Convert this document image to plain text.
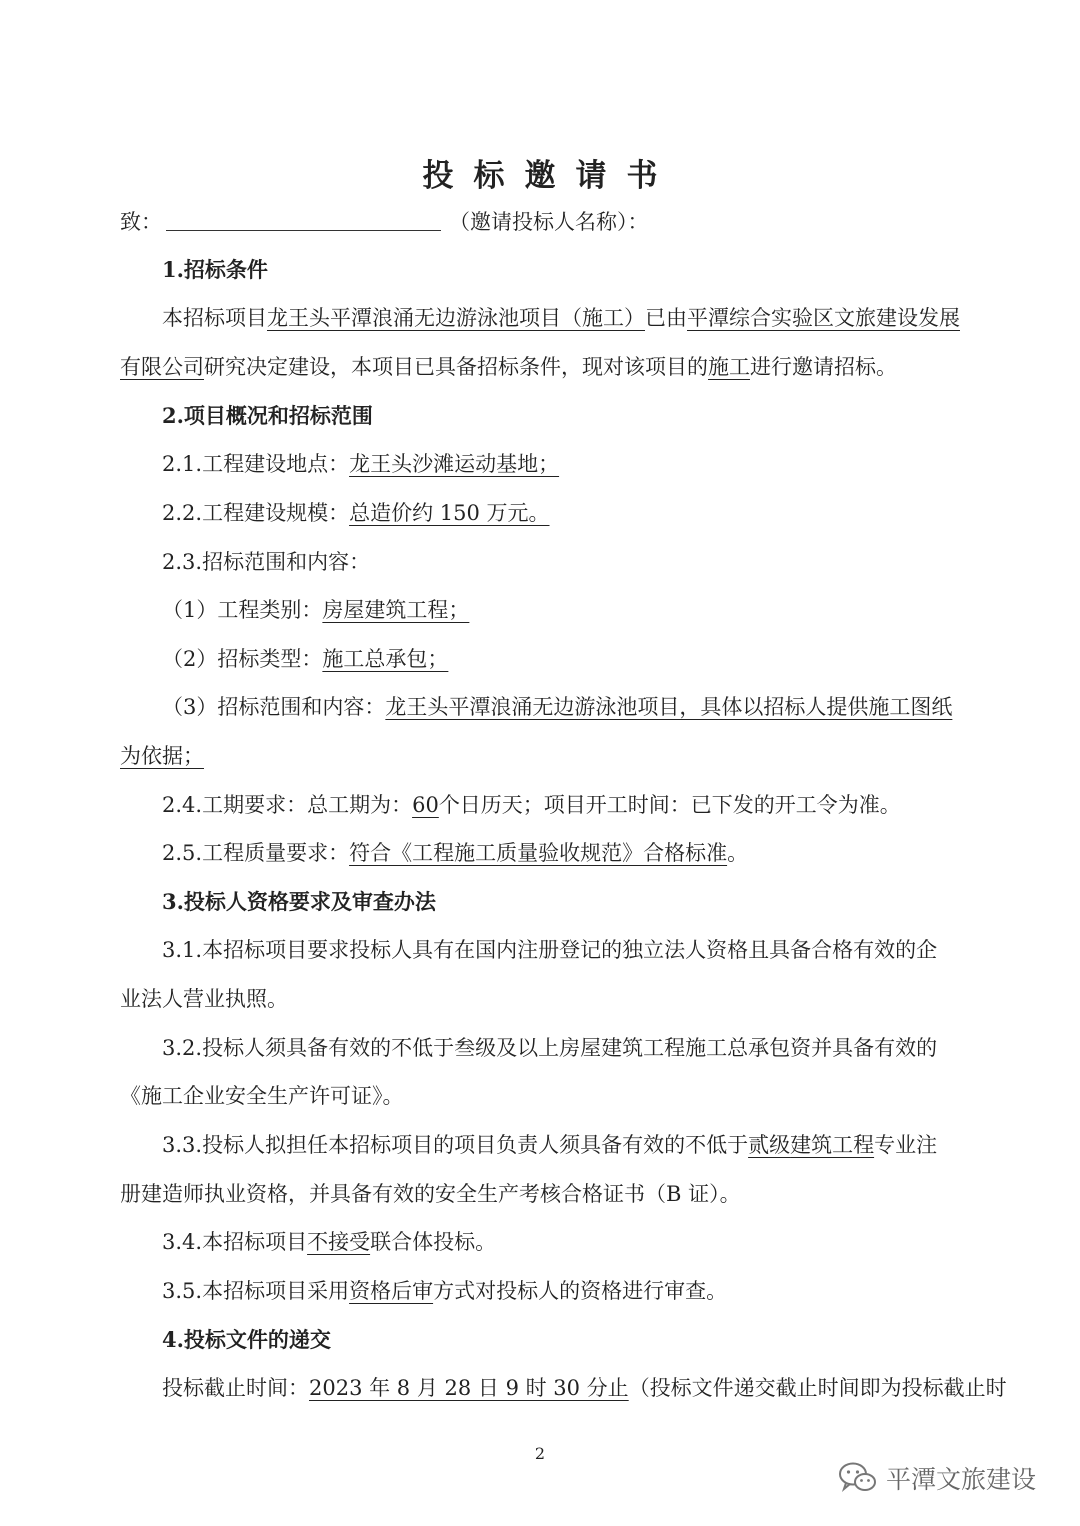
投标邀请书
致：	（邀请投标人名称）：
1.招标条件
本招标项目龙王头平潭浪涌无边游泳池项目（施工）已由平潭综合实验区文旅建设发展
有限公司研究决定建设，本项目已具备招标条件，现对该项目的施工进行邀请招标。
2.项目概况和招标范围
2.1.工程建设地点：龙王头沙滩运动基地；
2.2.工程建设规模：总造价约 150 万元。
2.3.招标范围和内容：
（1）工程类别：房屋建筑工程；
（2）招标类型：施工总承包；
（3）招标范围和内容：龙王头平潭浪涌无边游泳池项目，具体以招标人提供施工图纸
为依据；
2.4.工期要求：总工期为：60个日历天；项目开工时间：已下发的开工令为准。
2.5.工程质量要求：符合《工程施工质量验收规范》合格标准。
3.投标人资格要求及审查办法
3.1.本招标项目要求投标人具有在国内注册登记的独立法人资格且具备合格有效的企
业法人营业执照。
3.2.投标人须具备有效的不低于叁级及以上房屋建筑工程施工总承包资并具备有效的
《施工企业安全生产许可证》。
3.3.投标人拟担任本招标项目的项目负责人须具备有效的不低于贰级建筑工程专业注
册建造师执业资格，并具备有效的安全生产考核合格证书（B 证）。
3.4.本招标项目不接受联合体投标。
3.5.本招标项目采用资格后审方式对投标人的资格进行审查。
4.投标文件的递交
投标截止时间：2023 年 8 月 28 日 9 时 30 分止（投标文件递交截止时间即为投标截止时
2
平潭文旅建设
